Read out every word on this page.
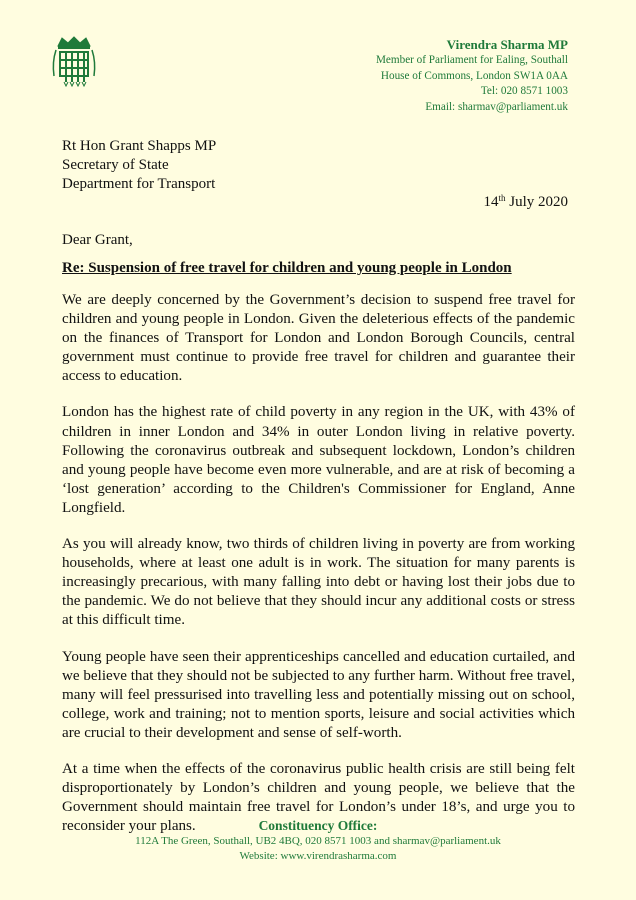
Virendra Sharma MP
Member of Parliament for Ealing, Southall
House of Commons, London SW1A 0AA
Tel: 020 8571 1003
Email: sharmav@parliament.uk
Rt Hon Grant Shapps MP
Secretary of State
Department for Transport
14th July 2020
Dear Grant,
Re: Suspension of free travel for children and young people in London

We are deeply concerned by the Government’s decision to suspend free travel for children and young people in London. Given the deleterious effects of the pandemic on the finances of Transport for London and London Borough Councils, central government must continue to provide free travel for children and guarantee their access to education.

London has the highest rate of child poverty in any region in the UK, with 43% of children in inner London and 34% in outer London living in relative poverty. Following the coronavirus outbreak and subsequent lockdown, London’s children and young people have become even more vulnerable, and are at risk of becoming a ‘lost generation’ according to the Children's Commissioner for England, Anne Longfield.

As you will already know, two thirds of children living in poverty are from working households, where at least one adult is in work. The situation for many parents is increasingly precarious, with many falling into debt or having lost their jobs due to the pandemic. We do not believe that they should incur any additional costs or stress at this difficult time.

Young people have seen their apprenticeships cancelled and education curtailed, and we believe that they should not be subjected to any further harm. Without free travel, many will feel pressurised into travelling less and potentially missing out on school, college, work and training; not to mention sports, leisure and social activities which are crucial to their development and sense of self-worth.

At a time when the effects of the coronavirus public health crisis are still being felt disproportionately by London’s children and young people, we believe that the Government should maintain free travel for London’s under 18’s, and urge you to reconsider your plans.	Constituency Office:
112A The Green, Southall, UB2 4BQ, 020 8571 1003 and sharmav@parliament.uk
Website: www.virendrasharma.com
